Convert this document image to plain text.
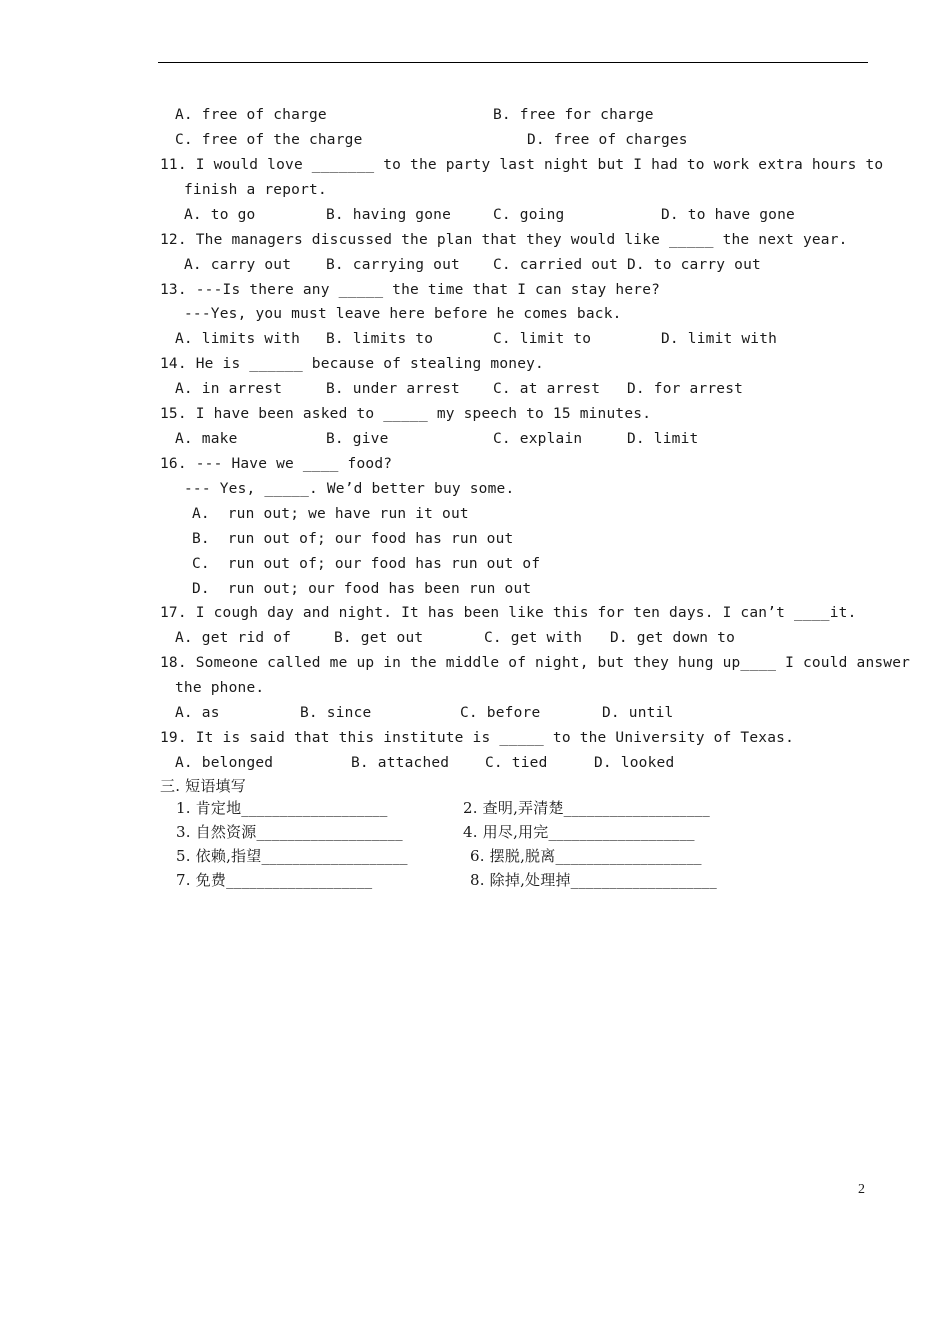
A. free of charge	B. free for charge
C. free of the charge	D. free of charges
11. I would love _______ to the party last night but I had to work extra hours to
finish a report.
A. to go	B. having gone	C. going	D. to have gone
12. The managers discussed the plan that they would like _____ the next year.
A. carry out B. carrying out C. carried out D. to carry out
13. ---Is there any _____ the time that I can stay here?
---Yes, you must leave here before he comes back.
A. limits with B. limits to	C. limit to	D. limit with
14. He is ______ because of stealing money.
A. in arrest	B. under arrest C. at arrest D. for arrest
15. I have been asked to _____ my speech to 15 minutes.
A. make	B. give	C. explain	D. limit
16. --- Have we ____ food?
--- Yes, _____. We’d better buy some.
A.  run out; we have run it out
B.  run out of; our food has run out
C.  run out of; our food has run out of
D.  run out; our food has been run out
17. I cough day and night. It has been like this for ten days. I can’t ____it.
A. get rid of	B. get out	C. get with D. get down to
18. Someone called me up in the middle of night, but they hung up____ I could answer
the phone.
A. as	B. since	C. before	D. until
19. It is said that this institute is _____ to the University of Texas.
A. belonged	B. attached C. tied	D. looked
三. 短语填写
1. 肯定地___________________	2. 查明,弄清楚___________________
3. 自然资源___________________	4. 用尽,用完___________________
5. 依赖,指望___________________	6. 摆脱,脱离___________________
7. 免费___________________	8. 除掉,处理掉___________________
2
